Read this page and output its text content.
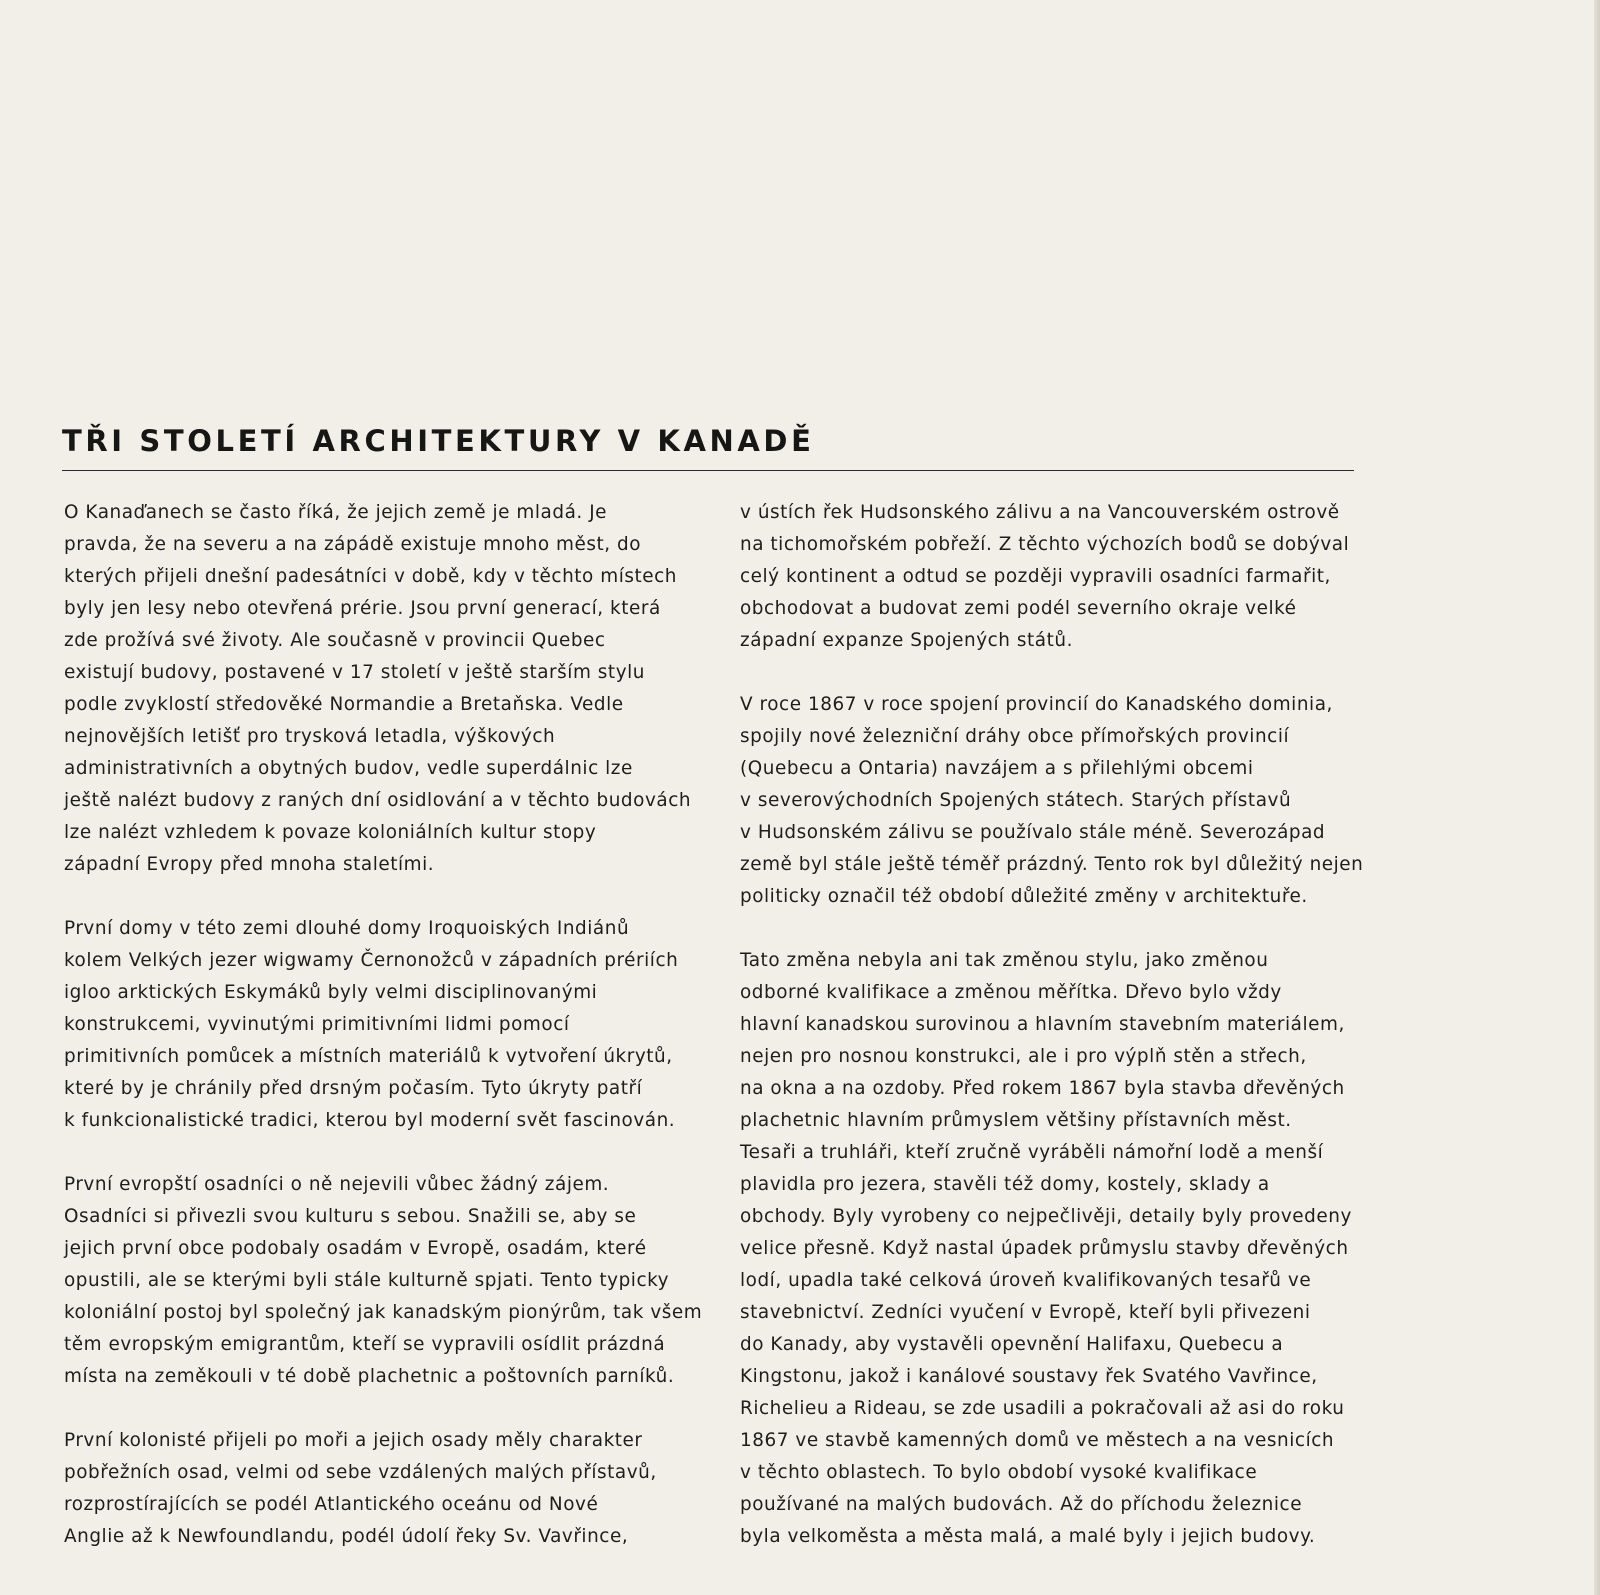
TŘI STOLETÍ ARCHITEKTURY V KANADĚ

O Kanaďanech se často říká, že jejich země je mladá. Je
pravda, že na severu a na zápádě existuje mnoho měst, do
kterých přijeli dnešní padesátníci v době, kdy v těchto místech
byly jen lesy nebo otevřená prérie. Jsou první generací, která
zde prožívá své životy. Ale současně v provincii Quebec
existují budovy, postavené v 17 století v ještě starším stylu
podle zvyklostí středověké Normandie a Bretaňska. Vedle
nejnovějších letišť pro trysková letadla, výškových
administrativních a obytných budov, vedle superdálnic lze
ještě nalézt budovy z raných dní osidlování a v těchto budovách
lze nalézt vzhledem k povaze koloniálních kultur stopy
západní Evropy před mnoha staletími.

První domy v této zemi dlouhé domy Iroquoiských Indiánů
kolem Velkých jezer wigwamy Černonožců v západních prériích
igloo arktických Eskymáků byly velmi disciplinovanými
konstrukcemi, vyvinutými primitivními lidmi pomocí
primitivních pomůcek a místních materiálů k vytvoření úkrytů,
které by je chránily před drsným počasím. Tyto úkryty patří
k funkcionalistické tradici, kterou byl moderní svět fascinován.

První evropští osadníci o ně nejevili vůbec žádný zájem.
Osadníci si přivezli svou kulturu s sebou. Snažili se, aby se
jejich první obce podobaly osadám v Evropě, osadám, které
opustili, ale se kterými byli stále kulturně spjati. Tento typicky
koloniální postoj byl společný jak kanadským pionýrům, tak všem
těm evropským emigrantům, kteří se vypravili osídlit prázdná
místa na zeměkouli v té době plachetnic a poštovních parníků.

První kolonisté přijeli po moři a jejich osady měly charakter
pobřežních osad, velmi od sebe vzdálených malých přístavů,
rozprostírajících se podél Atlantického oceánu od Nové
Anglie až k Newfoundlandu, podél údolí řeky Sv. Vavřince,

v ústích řek Hudsonského zálivu a na Vancouverském ostrově
na tichomořském pobřeží. Z těchto výchozích bodů se dobýval
celý kontinent a odtud se později vypravili osadníci farmařit,
obchodovat a budovat zemi podél severního okraje velké
západní expanze Spojených států.

V roce 1867 v roce spojení provincií do Kanadského dominia,
spojily nové železniční dráhy obce přímořských provincií
(Quebecu a Ontaria) navzájem a s přilehlými obcemi
v severovýchodních Spojených státech. Starých přístavů
v Hudsonském zálivu se používalo stále méně. Severozápad
země byl stále ještě téměř prázdný. Tento rok byl důležitý nejen
politicky označil též období důležité změny v architektuře.

Tato změna nebyla ani tak změnou stylu, jako změnou
odborné kvalifikace a změnou měřítka. Dřevo bylo vždy
hlavní kanadskou surovinou a hlavním stavebním materiálem,
nejen pro nosnou konstrukci, ale i pro výplň stěn a střech,
na okna a na ozdoby. Před rokem 1867 byla stavba dřevěných
plachetnic hlavním průmyslem většiny přístavních měst.
Tesaři a truhláři, kteří zručně vyráběli námořní lodě a menší
plavidla pro jezera, stavěli též domy, kostely, sklady a
obchody. Byly vyrobeny co nejpečlivěji, detaily byly provedeny
velice přesně. Když nastal úpadek průmyslu stavby dřevěných
lodí, upadla také celková úroveň kvalifikovaných tesařů ve
stavebnictví. Zedníci vyučení v Evropě, kteří byli přivezeni
do Kanady, aby vystavěli opevnění Halifaxu, Quebecu a
Kingstonu, jakož i kanálové soustavy řek Svatého Vavřince,
Richelieu a Rideau, se zde usadili a pokračovali až asi do roku
1867 ve stavbě kamenných domů ve městech a na vesnicích
v těchto oblastech. To bylo období vysoké kvalifikace
používané na malých budovách. Až do příchodu železnice
byla velkoměsta a města malá, a malé byly i jejich budovy.
